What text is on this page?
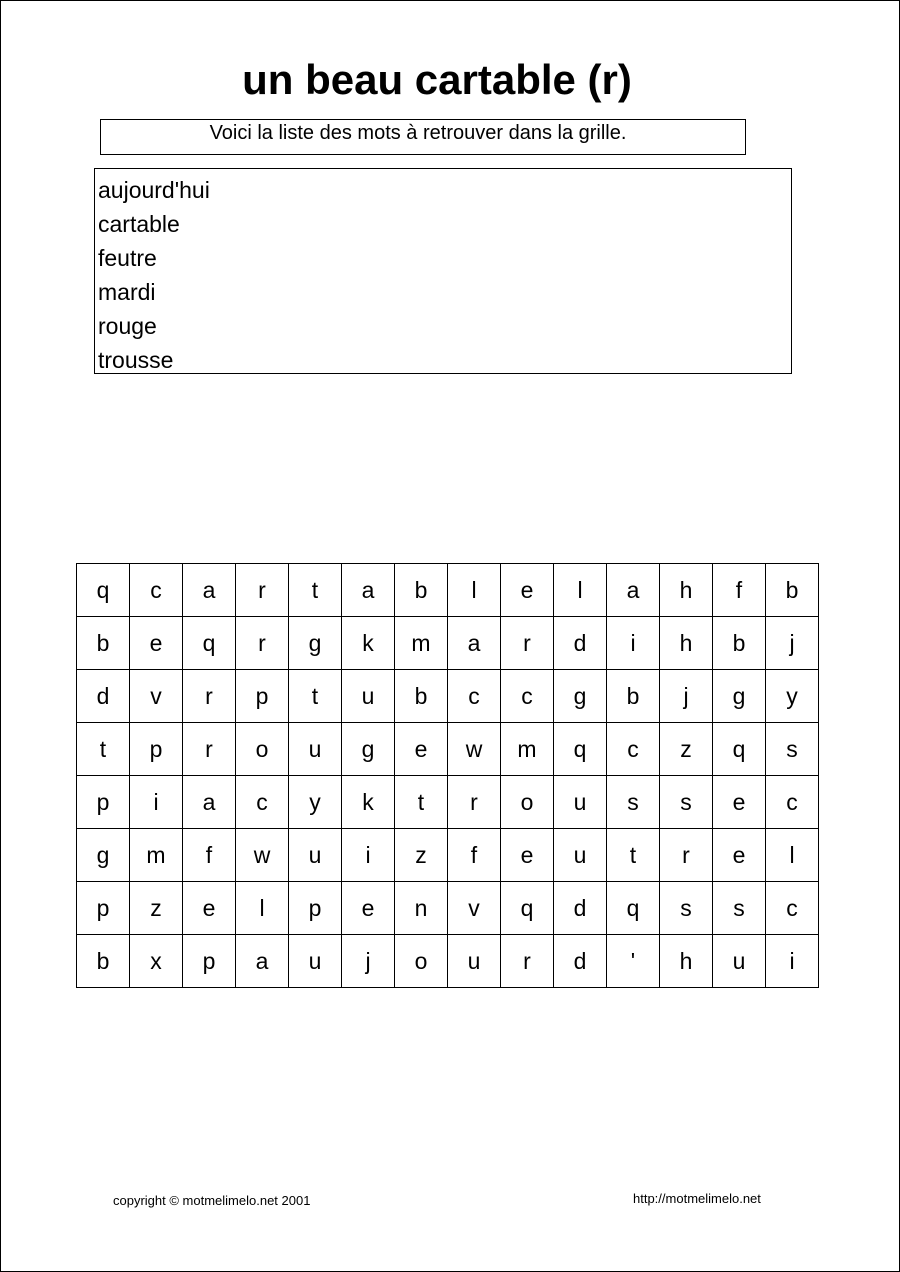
un beau cartable (r)
Voici la liste des mots à retrouver dans la grille.
aujourd'hui
cartable
feutre
mardi
rouge
trousse
q	c	a	r	t	a	b	l	e	l	a	h	f	b
b	e	q	r	g	k	m	a	r	d	i	h	b	j
d	v	r	p	t	u	b	c	c	g	b	j	g	y
t	p	r	o	u	g	e	w	m	q	c	z	q	s
p	i	a	c	y	k	t	r	o	u	s	s	e	c
g	m	f	w	u	i	z	f	e	u	t	r	e	l
p	z	e	l	p	e	n	v	q	d	q	s	s	c
b	x	p	a	u	j	o	u	r	d	'	h	u	i
copyright © motmelimelo.net 2001	http://motmelimelo.net
